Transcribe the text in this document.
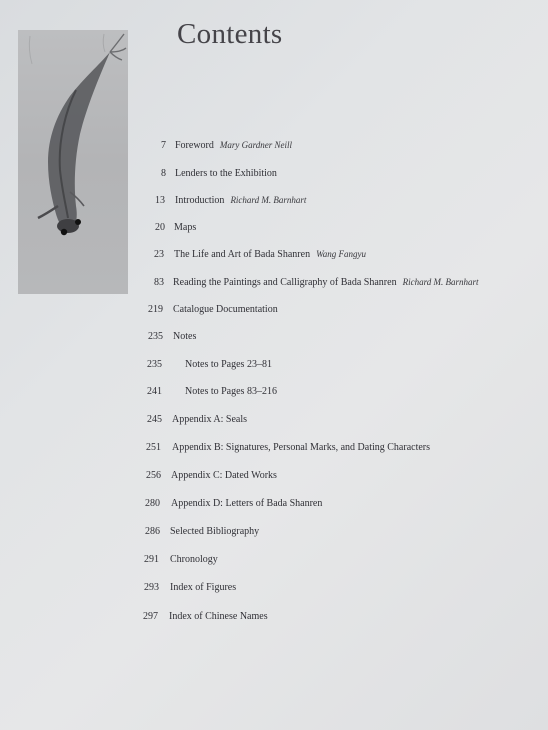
Contents
7 Foreword Mary Gardner Neill
8 Lenders to the Exhibition
13 Introduction Richard M. Barnhart
20 Maps
23 The Life and Art of Bada Shanren Wang Fangyu
83 Reading the Paintings and Calligraphy of Bada Shanren Richard M. Barnhart
219 Catalogue Documentation
235 Notes
235 Notes to Pages 23–81
241 Notes to Pages 83–216
245 Appendix A: Seals
251 Appendix B: Signatures, Personal Marks, and Dating Characters
256 Appendix C: Dated Works
280 Appendix D: Letters of Bada Shanren
286 Selected Bibliography
291 Chronology
293 Index of Figures
297 Index of Chinese Names
